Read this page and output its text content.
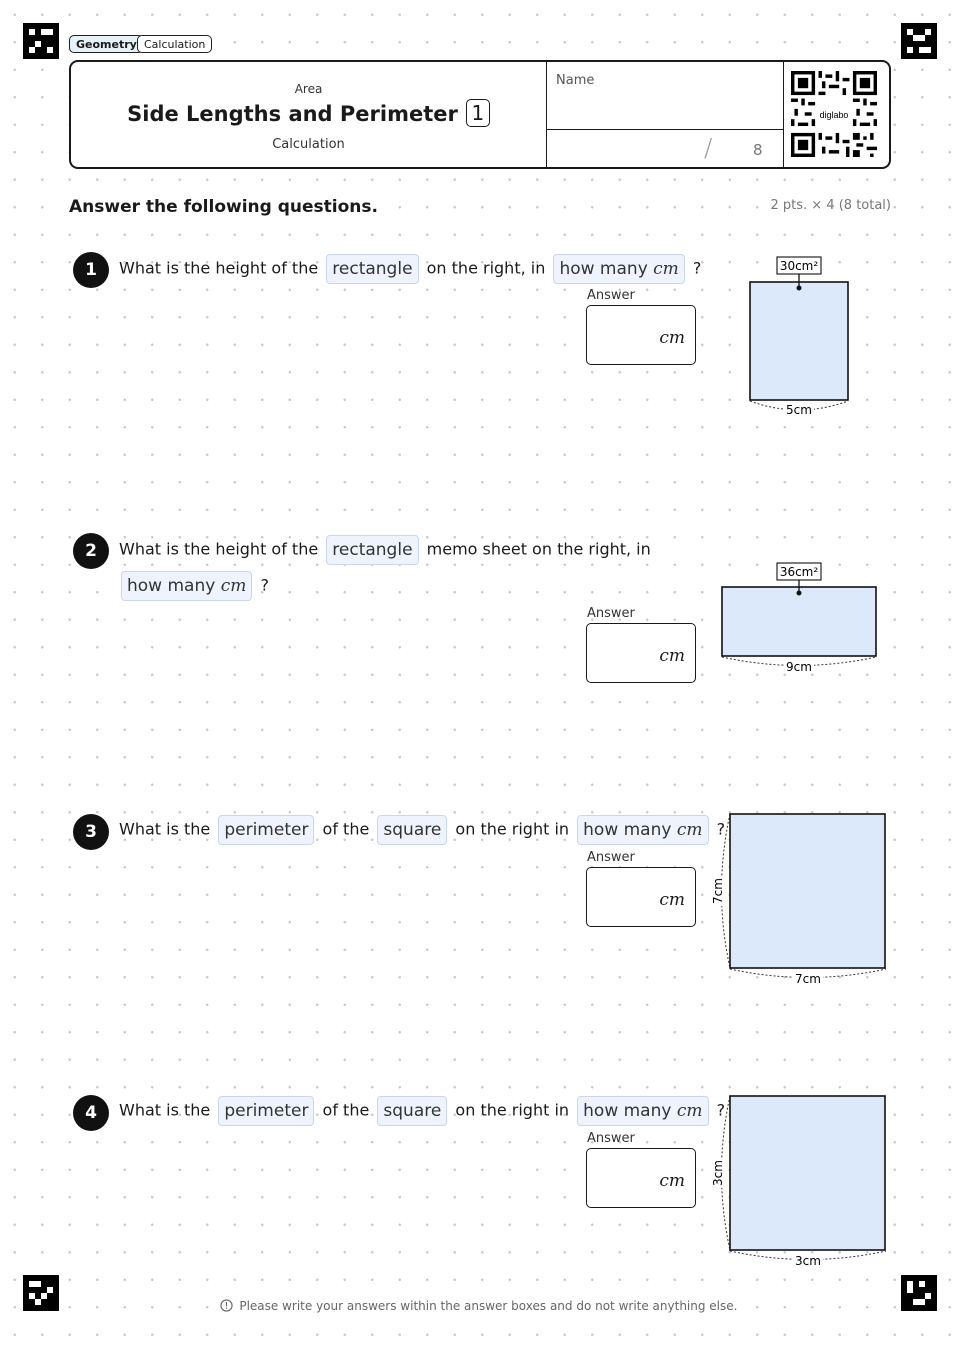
Geometry Calculation
Area
Side Lengths and Perimeter 1
Calculation
Name
/	8
diglabo
Answer the following questions.	2 pts. × 4 (8 total)
1	What is the height of the rectangle on the right, in how many cm ?
Answer
cm
30cm²
5cm
2	What is the height of the rectangle memo sheet on the right, in
how many cm ?
Answer
cm
36cm²
9cm
3	What is the perimeter of the square on the right in how many cm ?
Answer
cm 7cm
7cm
4	What is the perimeter of the square on the right in how many cm ?
Answer
cm 3cm
3cm
Please write your answers within the answer boxes and do not write anything else.
